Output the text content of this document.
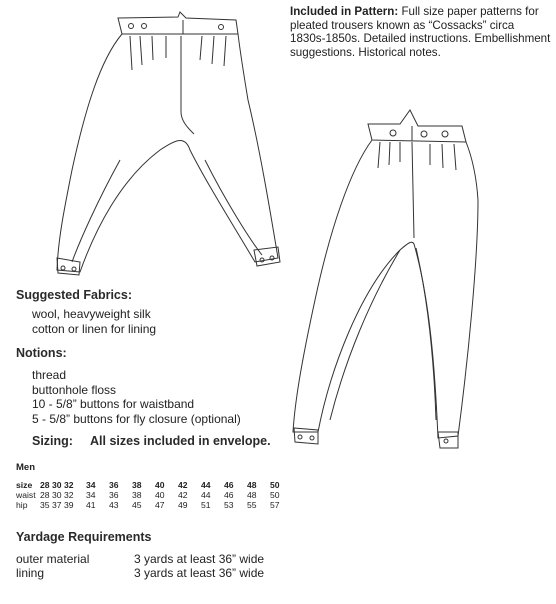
Included in Pattern: Full size paper patterns for pleated trousers known as “Cossacks” circa 1830s-1850s. Detailed instructions. Embellishment suggestions. Historical notes.
Suggested Fabrics:
wool, heavyweight silk
cotton or linen for lining
Notions:
thread
buttonhole floss
10 - 5/8” buttons for waistband
5 - 5/8” buttons for fly closure (optional)
Sizing: All sizes included in envelope.
Men
size	28	30	32	34	36	38	40	42	44	46	48	50
waist	28	30	32	34	36	38	40	42	44	46	48	50
hip	35	37	39	41	43	45	47	49	51	53	55	57
Yardage Requirements
outer material	3 yards at least 36” wide
lining	3 yards at least 36” wide
